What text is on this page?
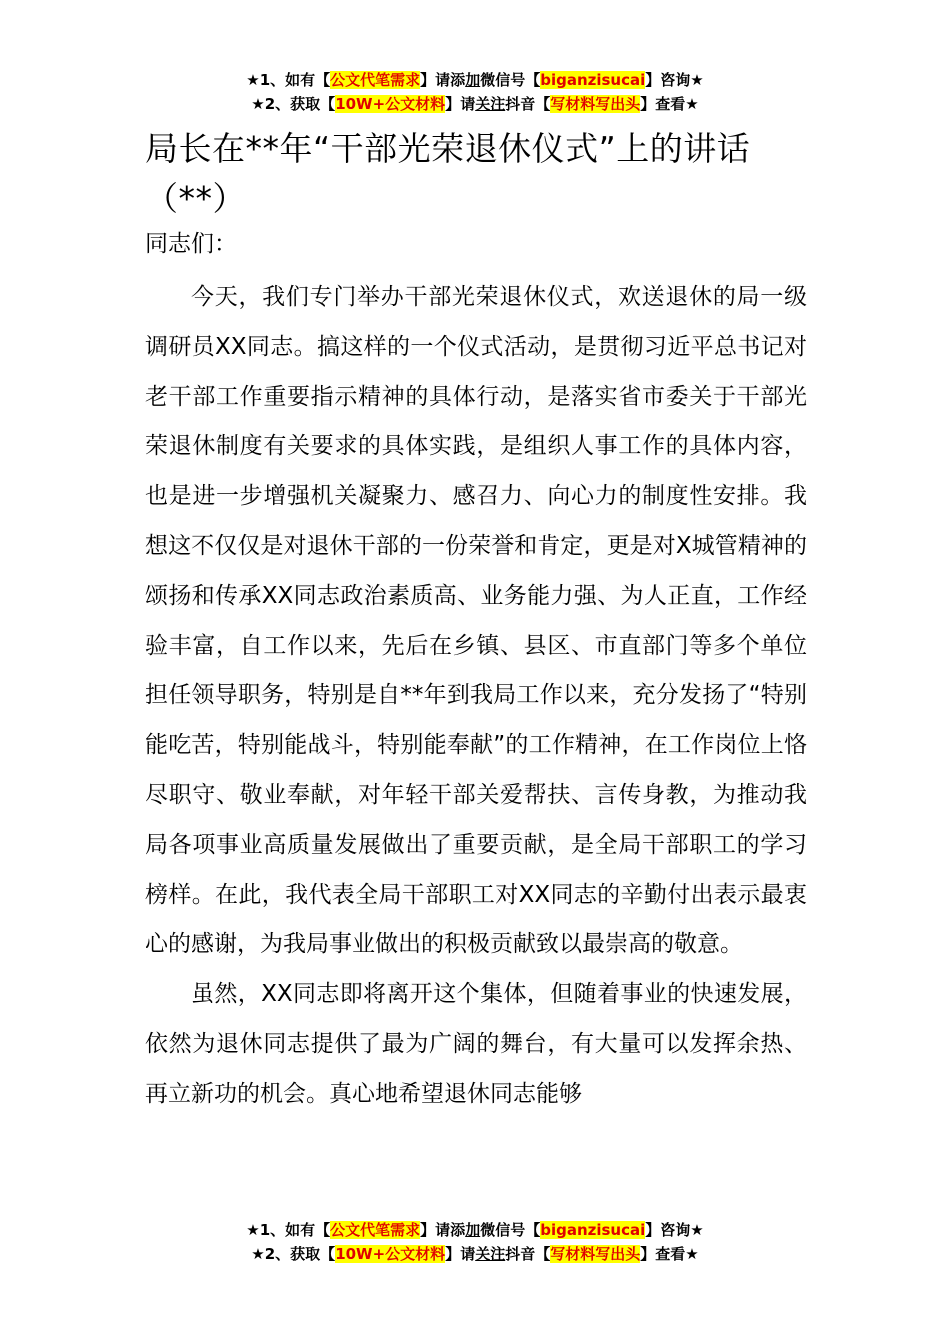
★1、如有【公文代笔需求】请添加微信号【biganzisucai】咨询★
★2、获取【10W+公文材料】请关注抖音【写材料写出头】查看★
局长在**年“干部光荣退休仪式”上的讲话（**）
同志们：

今天，我们专门举办干部光荣退休仪式，欢送退休的局一级调研员XX同志。搞这样的一个仪式活动，是贯彻习近平总书记对老干部工作重要指示精神的具体行动，是落实省市委关于干部光荣退休制度有关要求的具体实践，是组织人事工作的具体内容，也是进一步增强机关凝聚力、感召力、向心力的制度性安排。我想这不仅仅是对退休干部的一份荣誉和肯定，更是对X城管精神的颂扬和传承XX同志政治素质高、业务能力强、为人正直，工作经验丰富，自工作以来，先后在乡镇、县区、市直部门等多个单位担任领导职务，特别是自**年到我局工作以来，充分发扬了“特别能吃苦，特别能战斗，特别能奉献”的工作精神，在工作岗位上恪尽职守、敬业奉献，对年轻干部关爱帮扶、言传身教，为推动我局各项事业高质量发展做出了重要贡献，是全局干部职工的学习榜样。在此，我代表全局干部职工对XX同志的辛勤付出表示最衷心的感谢，为我局事业做出的积极贡献致以最崇高的敬意。

虽然，XX同志即将离开这个集体，但随着事业的快速发展，依然为退休同志提供了最为广阔的舞台，有大量可以发挥余热、再立新功的机会。真心地希望退休同志能够

★1、如有【公文代笔需求】请添加微信号【biganzisucai】咨询★
★2、获取【10W+公文材料】请关注抖音【写材料写出头】查看★
